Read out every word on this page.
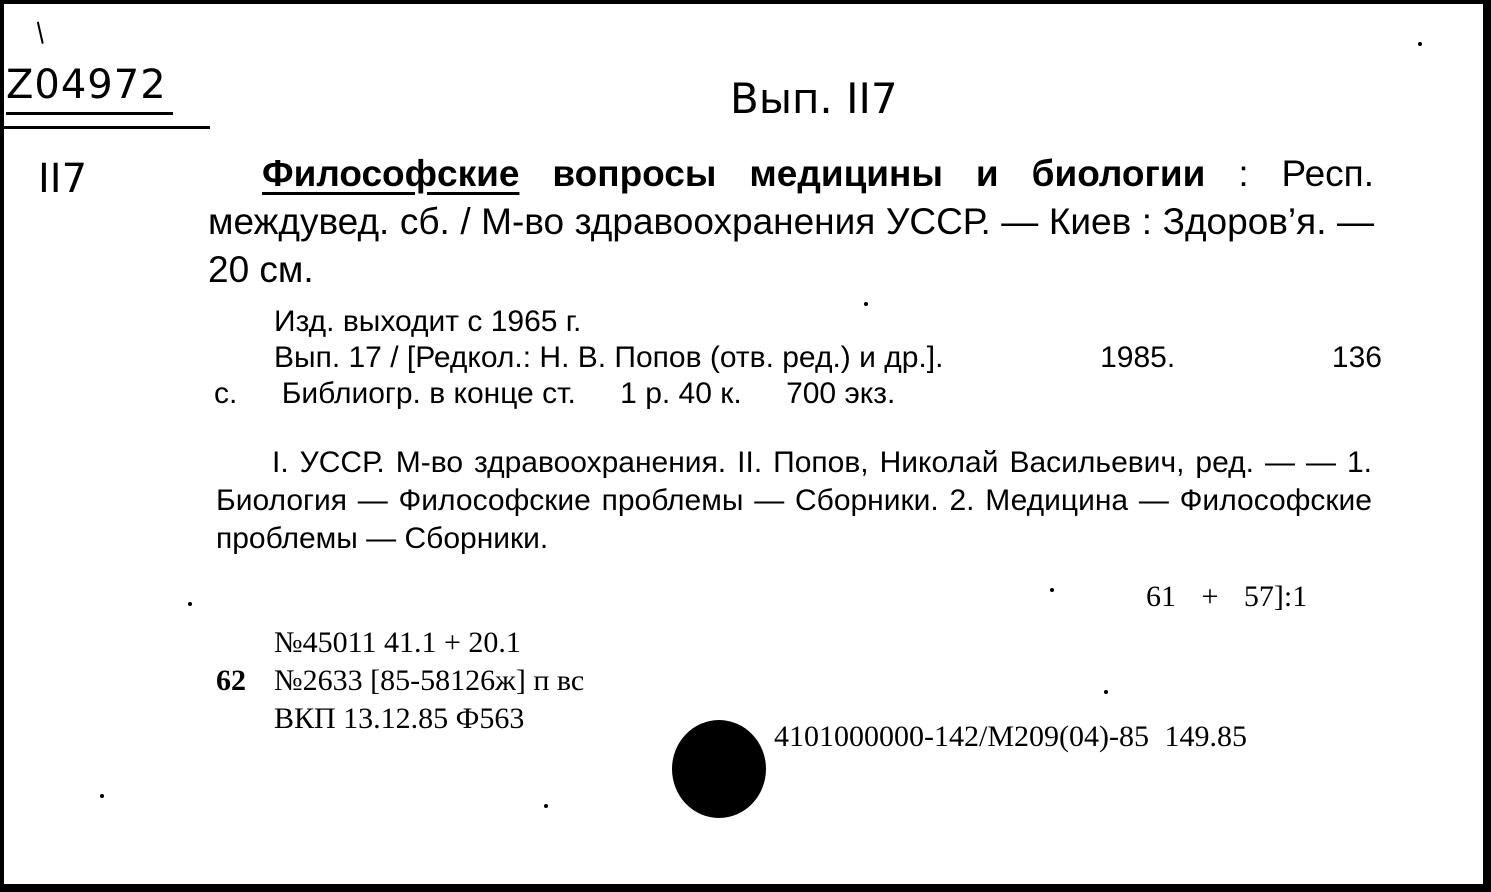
/
Z04972	Вып. II7
II7	Философские вопросы медицины и биологии : Респ. междувед. сб. / М-во здравоохранения УССР. — Киев : Здоров’я. — 20 см.
Изд. выходит с 1965 г.
Вып. 17 / [Редкол.: Н. В. Попов (отв. ред.) и др.].	1985.	136
с. Библиогр. в конце ст. 1 р. 40 к. 700 экз.
I. УССР. М-во здравоохранения. II. Попов, Николай Васильевич, ред. — — 1. Биология — Философские проблемы — Сборники. 2. Медицина — Философские проблемы — Сборники.
61 + 57]:1
№45011 41.1 + 20.1
62 №2633 [85-58126ж] п вс
ВКП 13.12.85 Ф563
4101000000-142/М209(04)-85 149.85
